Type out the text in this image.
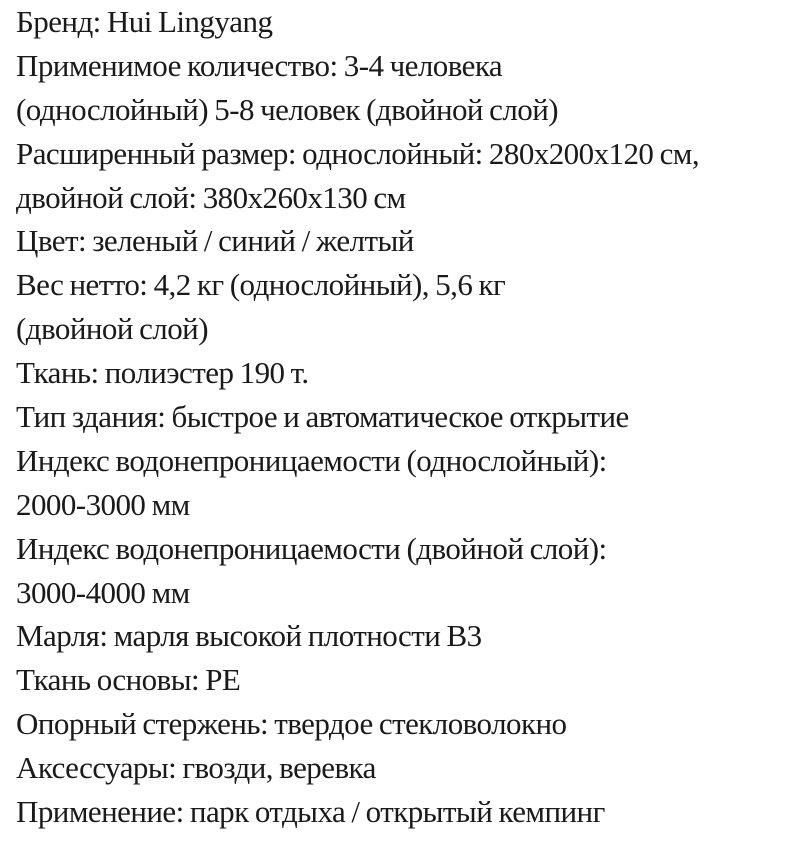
Бренд: Hui Lingyang
Применимое количество: 3-4 человека
(однослойный) 5-8 человек (двойной слой)
Расширенный размер: однослойный: 280x200x120 см,
двойной слой: 380x260x130 см
Цвет: зеленый / синий / желтый
Вес нетто: 4,2 кг (однослойный), 5,6 кг
(двойной слой)
Ткань: полиэстер 190 т.
Тип здания: быстрое и автоматическое открытие
Индекс водонепроницаемости (однослойный):
2000-3000 мм
Индекс водонепроницаемости (двойной слой):
3000-4000 мм
Марля: марля высокой плотности B3
Ткань основы: PE
Опорный стержень: твердое стекловолокно
Аксессуары: гвозди, веревка
Применение: парк отдыха / открытый кемпинг
